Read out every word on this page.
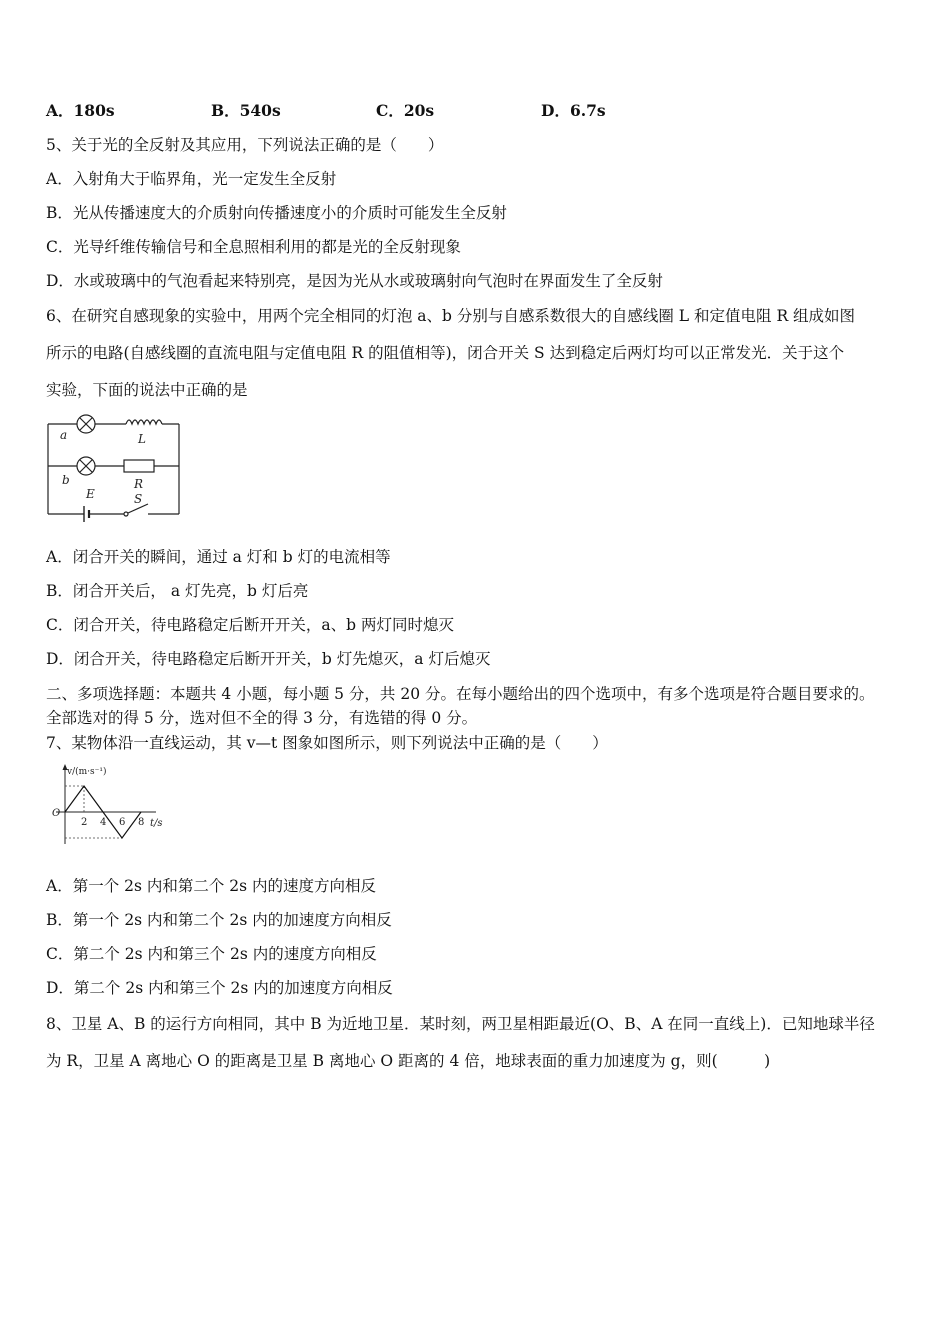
A．180s	B．540s	C．20s	D．6.7s
5、关于光的全反射及其应用，下列说法正确的是（　　）
A．入射角大于临界角，光一定发生全反射
B．光从传播速度大的介质射向传播速度小的介质时可能发生全反射
C．光导纤维传输信号和全息照相利用的都是光的全反射现象
D．水或玻璃中的气泡看起来特别亮，是因为光从水或玻璃射向气泡时在界面发生了全反射
6、在研究自感现象的实验中，用两个完全相同的灯泡 a、b 分别与自感系数很大的自感线圈 L 和定值电阻 R 组成如图
所示的电路(自感线圈的直流电阻与定值电阻 R 的阻值相等)，闭合开关 S 达到稳定后两灯均可以正常发光．关于这个
实验，下面的说法中正确的是
a	L
b	R
E	S
A．闭合开关的瞬间，通过 a 灯和 b 灯的电流相等
B．闭合开关后， a 灯先亮，b 灯后亮
C．闭合开关，待电路稳定后断开开关，a、b 两灯同时熄灭
D．闭合开关，待电路稳定后断开开关，b 灯先熄灭，a 灯后熄灭
二、多项选择题：本题共 4 小题，每小题 5 分，共 20 分。在每小题给出的四个选项中，有多个选项是符合题目要求的。
全部选对的得 5 分，选对但不全的得 3 分，有选错的得 0 分。
7、某物体沿一直线运动，其 v—t 图象如图所示，则下列说法中正确的是（　　）
v/(m·s⁻¹)
t/s
O
2 4 6 8
A．第一个 2s 内和第二个 2s 内的速度方向相反
B．第一个 2s 内和第二个 2s 内的加速度方向相反
C．第二个 2s 内和第三个 2s 内的速度方向相反
D．第二个 2s 内和第三个 2s 内的加速度方向相反
8、卫星 A、B 的运行方向相同，其中 B 为近地卫星．某时刻，两卫星相距最近(O、B、A 在同一直线上)．已知地球半径
为 R，卫星 A 离地心 O 的距离是卫星 B 离地心 O 距离的 4 倍，地球表面的重力加速度为 g，则(　　　)
